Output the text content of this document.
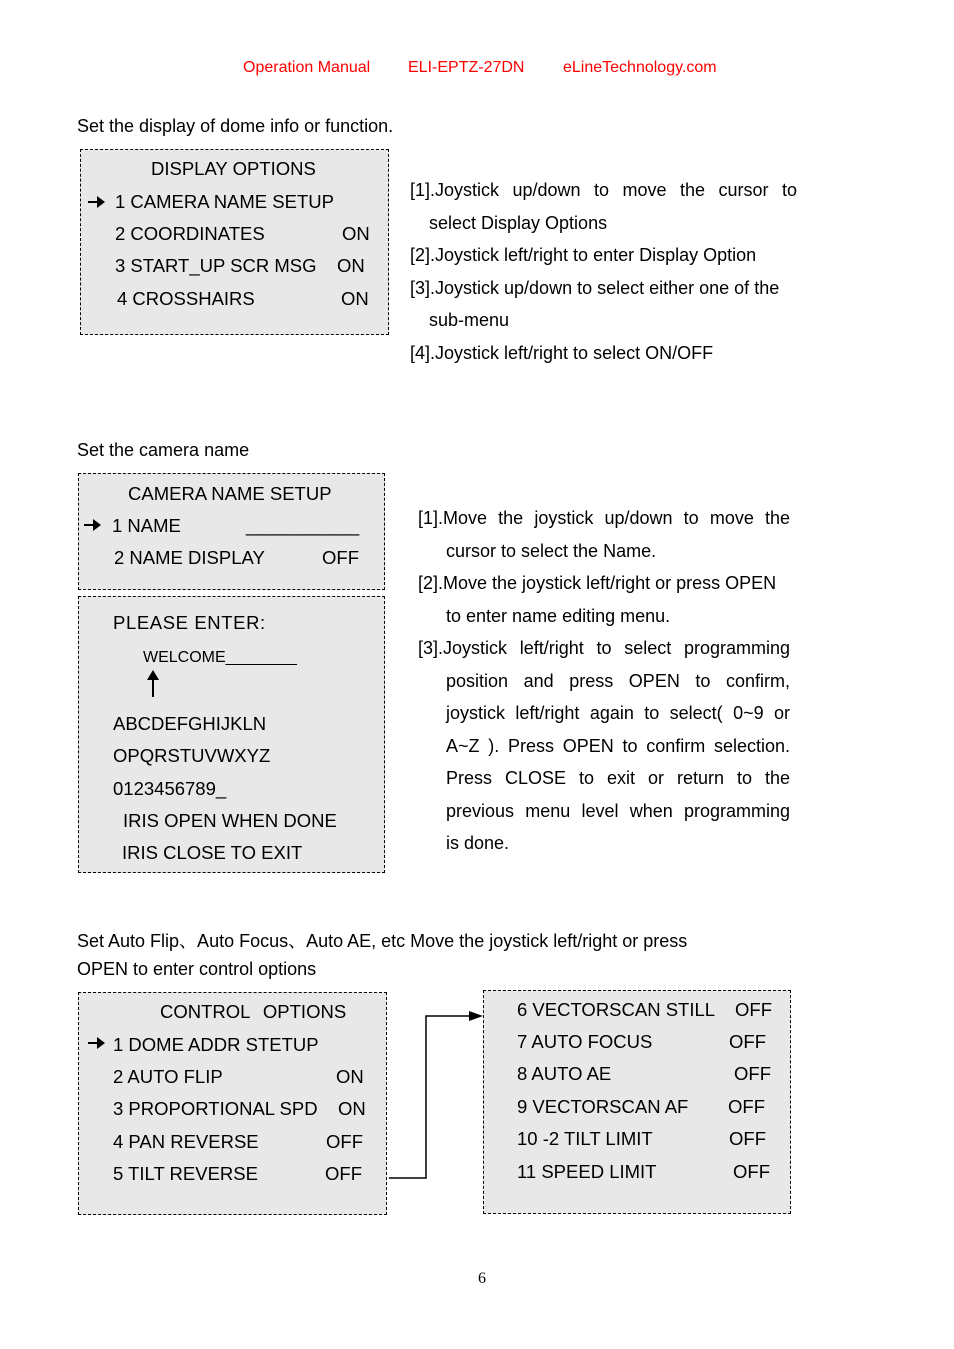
Operation Manual ELI-EPTZ-27DN eLineTechnology.com
Set the display of dome info or function.
DISPLAY OPTIONS
1 CAMERA NAME SETUP
2 COORDINATES	ON
3 START_UP SCR MSG ON
4 CROSSHAIRS	ON
[1].Joystick up/down to move the cursor to
select Display Options
[2].Joystick left/right to enter Display Option
[3].Joystick up/down to select either one of the
sub-menu
[4].Joystick left/right to select ON/OFF
Set the camera name
CAMERA NAME SETUP
1 NAME	___________
2 NAME DISPLAY	OFF
PLEASE ENTER:
WELCOME________
ABCDEFGHIJKLN
OPQRSTUVWXYZ
0123456789_
IRIS OPEN WHEN DONE
IRIS CLOSE TO EXIT
[1].Move the joystick up/down to move the
cursor to select the Name.
[2].Move the joystick left/right or press OPEN
to enter name editing menu.
[3].Joystick left/right to select programming
position and press OPEN to confirm,
joystick left/right again to select( 0~9 or
A~Z ). Press OPEN to confirm selection.
Press CLOSE to exit or return to the
previous menu level when programming
is done.
Set Auto Flip、Auto Focus、Auto AE, etc Move the joystick left/right or press
OPEN to enter control options
CONTROL OPTIONS
1 DOME ADDR STETUP
2 AUTO FLIP	ON
3 PROPORTIONAL SPD ON
4 PAN REVERSE	OFF
5 TILT REVERSE	OFF
6 VECTORSCAN STILL OFF
7 AUTO FOCUS	OFF
8 AUTO AE	OFF
9 VECTORSCAN AF OFF
10 -2 TILT LIMIT	OFF
11 SPEED LIMIT	OFF
6
